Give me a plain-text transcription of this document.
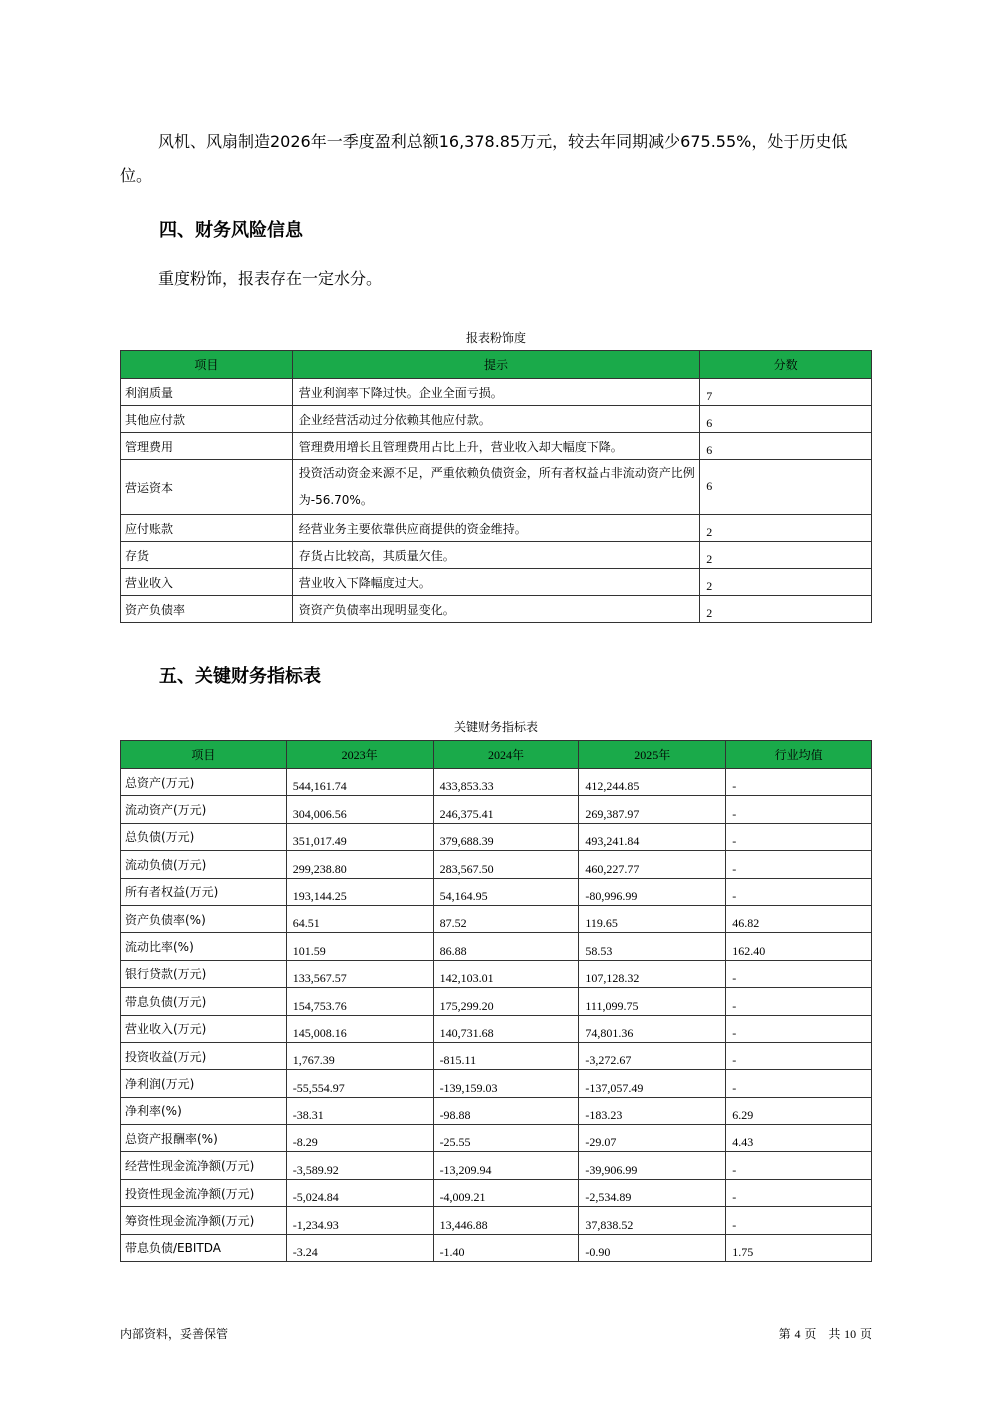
风机、风扇制造2026年一季度盈利总额16,378.85万元，较去年同期减少675.55%，处于历史低位。

四、财务风险信息

重度粉饰，报表存在一定水分。

报表粉饰度
项目	提示	分数
利润质量	营业利润率下降过快。企业全面亏损。	7
其他应付款	企业经营活动过分依赖其他应付款。	6
管理费用	管理费用增长且管理费用占比上升，营业收入却大幅度下降。	6
营运资本	投资活动资金来源不足，严重依赖负债资金，所有者权益占非流动资产比例为-56.70%。	6
应付账款	经营业务主要依靠供应商提供的资金维持。	2
存货	存货占比较高，其质量欠佳。	2
营业收入	营业收入下降幅度过大。	2
资产负债率	资资产负债率出现明显变化。	2
五、关键财务指标表
关键财务指标表
项目	2023年	2024年	2025年	行业均值
总资产(万元)	544,161.74	433,853.33	412,244.85	-
流动资产(万元)	304,006.56	246,375.41	269,387.97	-
总负债(万元)	351,017.49	379,688.39	493,241.84	-
流动负债(万元)	299,238.80	283,567.50	460,227.77	-
所有者权益(万元)	193,144.25	54,164.95	-80,996.99	-
资产负债率(%)	64.51	87.52	119.65	46.82
流动比率(%)	101.59	86.88	58.53	162.40
银行贷款(万元)	133,567.57	142,103.01	107,128.32	-
带息负债(万元)	154,753.76	175,299.20	111,099.75	-
营业收入(万元)	145,008.16	140,731.68	74,801.36	-
投资收益(万元)	1,767.39	-815.11	-3,272.67	-
净利润(万元)	-55,554.97	-139,159.03	-137,057.49	-
净利率(%)	-38.31	-98.88	-183.23	6.29
总资产报酬率(%)	-8.29	-25.55	-29.07	4.43
经营性现金流净额(万元)	-3,589.92	-13,209.94	-39,906.99	-
投资性现金流净额(万元)	-5,024.84	-4,009.21	-2,534.89	-
筹资性现金流净额(万元)	-1,234.93	13,446.88	37,838.52	-
带息负债/EBITDA	-3.24	-1.40	-0.90	1.75
内部资料，妥善保管	第 4 页　共 10 页
